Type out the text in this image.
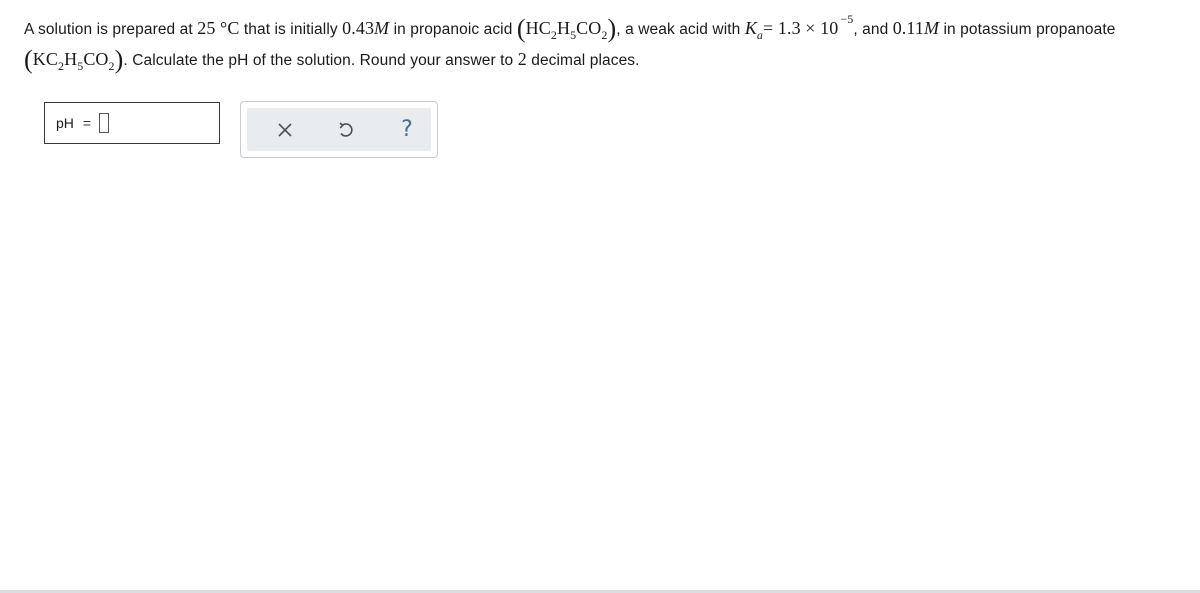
A solution is prepared at 25 °C that is initially 0.43M in propanoic acid $(HC_2H_5CO_2)$, a weak acid with $K_a= 1.3 \times 10$ $^{-5}$, and 0.11M in potassium propanoate
$(KC_2H_5CO_2)$. Calculate the pH of the solution. Round your answer to 2 decimal places.
pH =	?
